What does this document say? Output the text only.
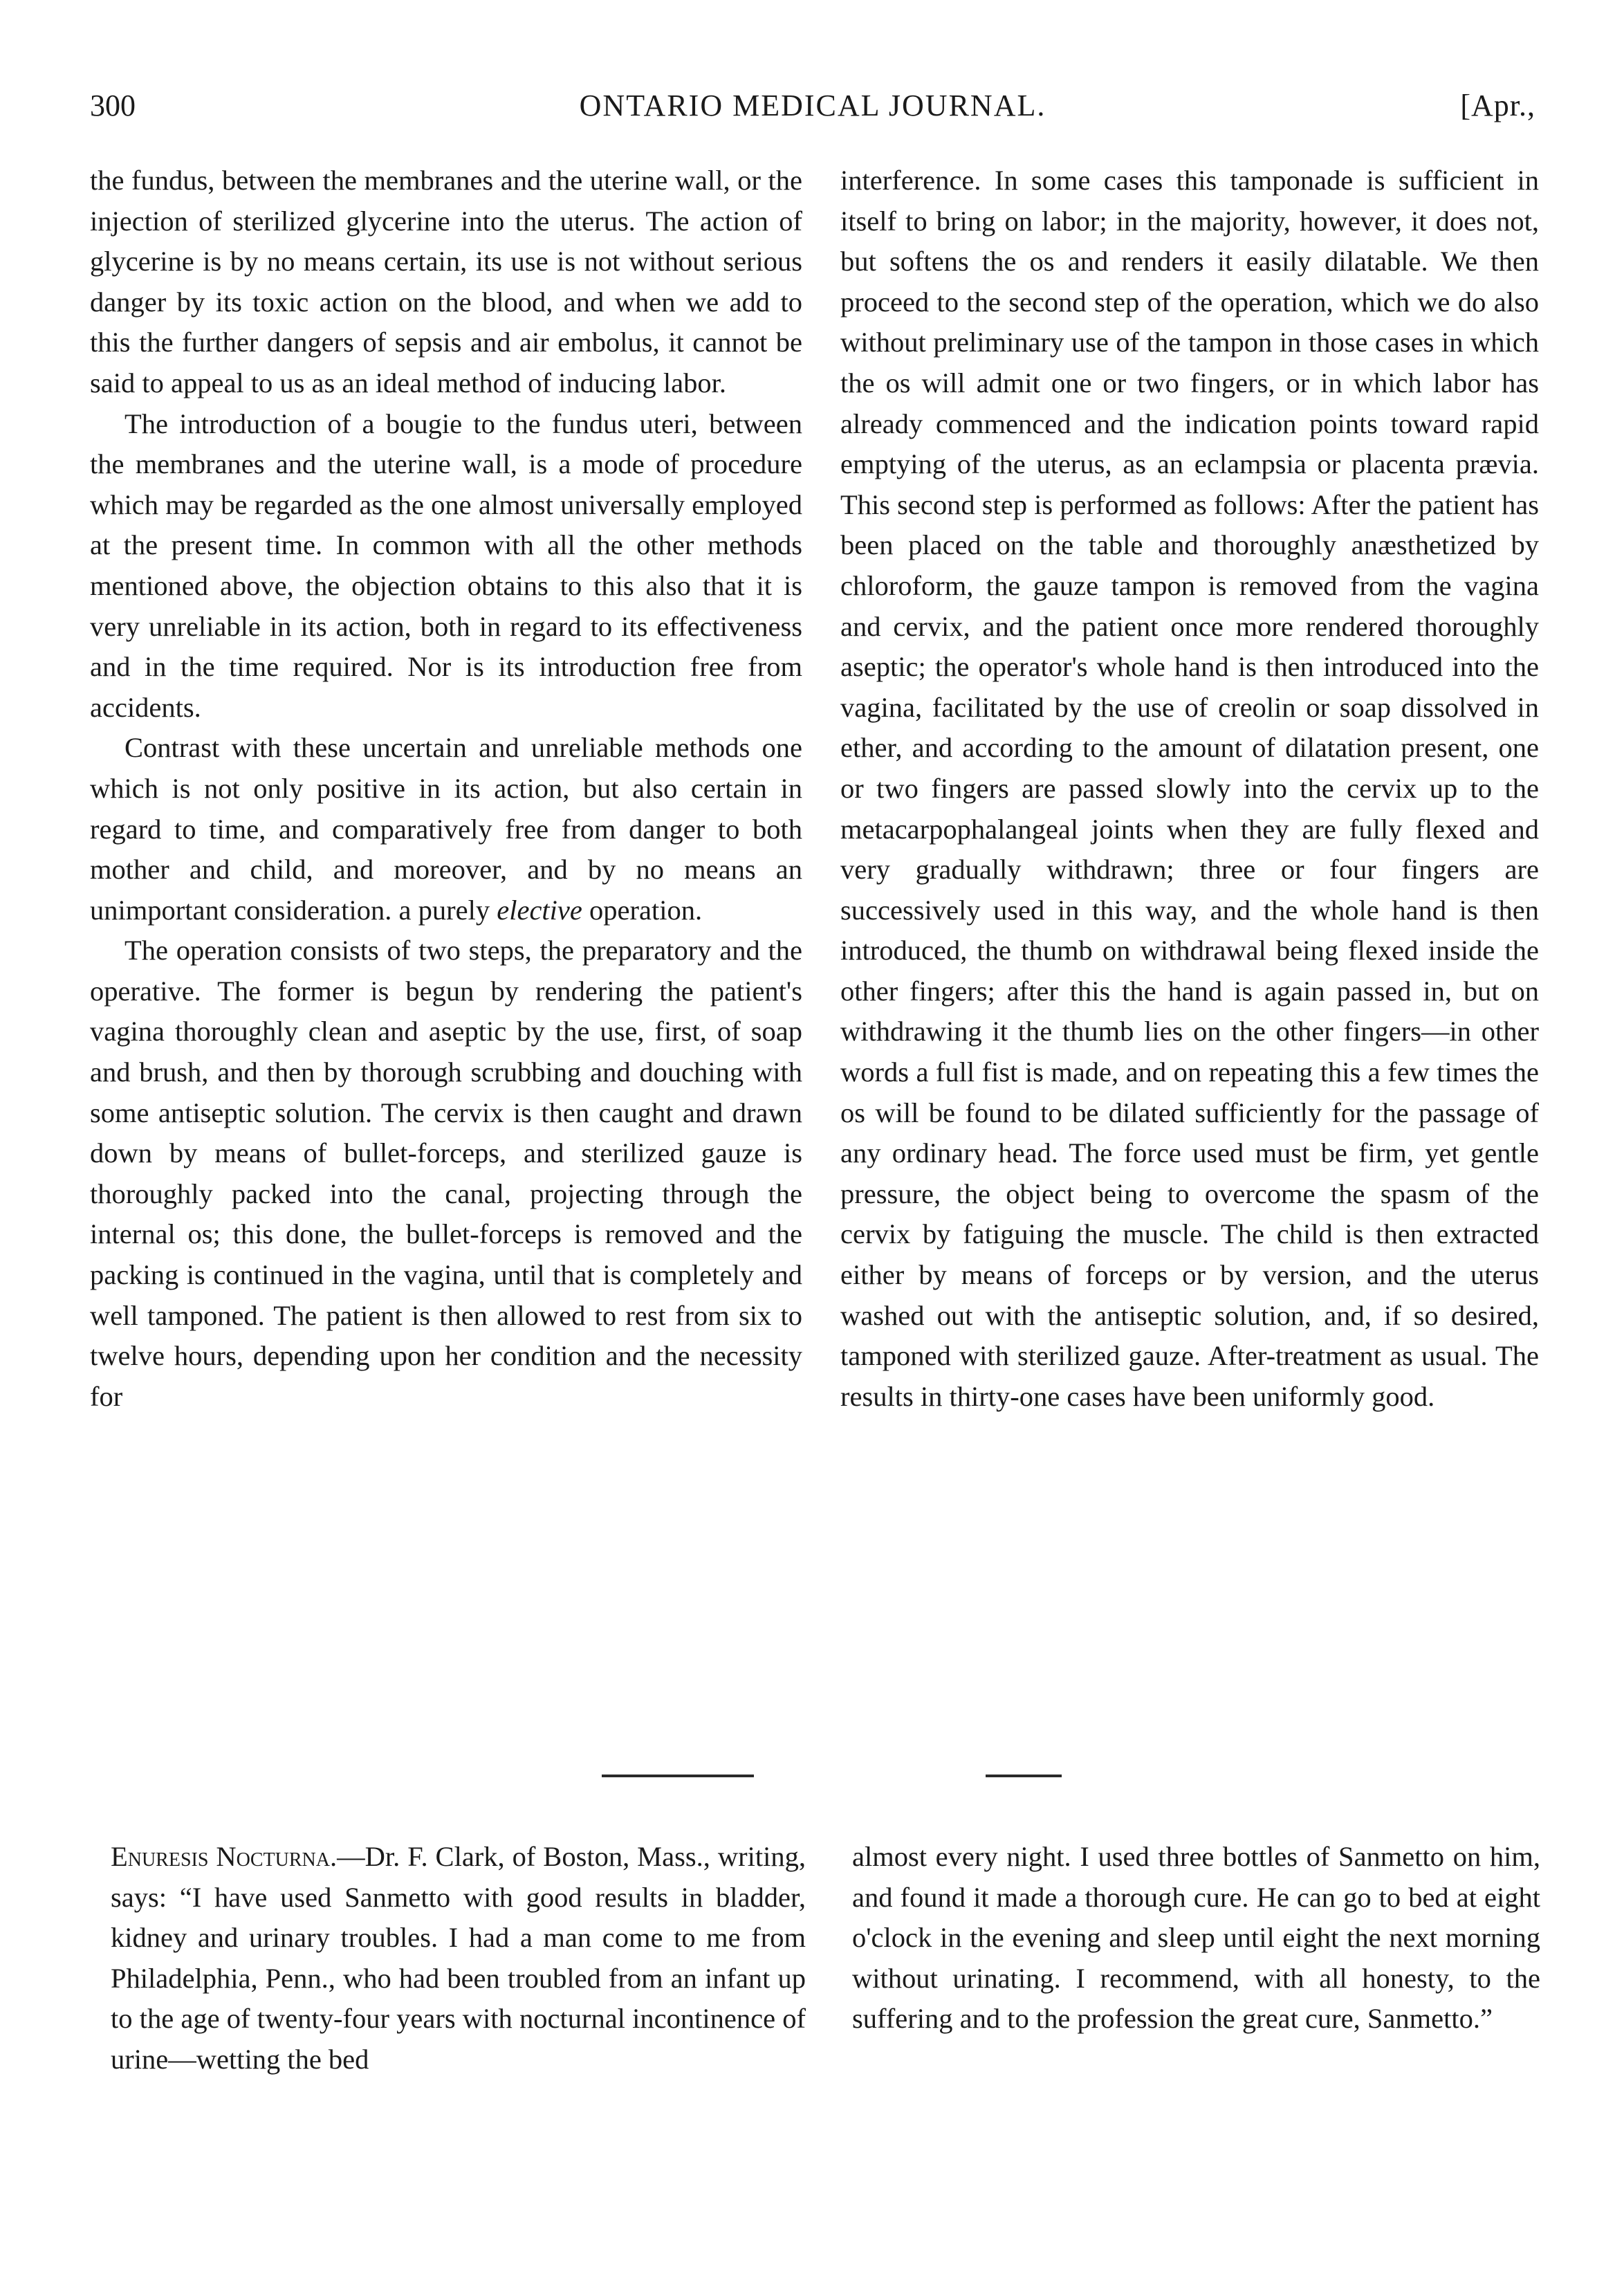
300	ONTARIO MEDICAL JOURNAL.	[Apr.,

the fundus, between the membranes and the uterine wall, or the injection of sterilized glycerine into the uterus. The action of glycerine is by no means certain, its use is not without serious danger by its toxic action on the blood, and when we add to this the further dangers of sepsis and air embolus, it cannot be said to appeal to us as an ideal method of inducing labor.

The introduction of a bougie to the fundus uteri, between the membranes and the uterine wall, is a mode of procedure which may be regarded as the one almost universally employed at the present time. In common with all the other methods mentioned above, the objection obtains to this also that it is very unreliable in its action, both in regard to its effectiveness and in the time required. Nor is its introduction free from accidents.

Contrast with these uncertain and unreliable methods one which is not only positive in its action, but also certain in regard to time, and comparatively free from danger to both mother and child, and moreover, and by no means an unimportant consideration. a purely elective operation.

The operation consists of two steps, the preparatory and the operative. The former is begun by rendering the patient's vagina thoroughly clean and aseptic by the use, first, of soap and brush, and then by thorough scrubbing and douching with some antiseptic solution. The cervix is then caught and drawn down by means of bullet-forceps, and sterilized gauze is thoroughly packed into the canal, projecting through the internal os; this done, the bullet-forceps is removed and the packing is continued in the vagina, until that is completely and well tamponed. The patient is then allowed to rest from six to twelve hours, depending upon her condition and the necessity for

interference. In some cases this tamponade is sufficient in itself to bring on labor; in the majority, however, it does not, but softens the os and renders it easily dilatable. We then proceed to the second step of the operation, which we do also without preliminary use of the tampon in those cases in which the os will admit one or two fingers, or in which labor has already commenced and the indication points toward rapid emptying of the uterus, as an eclampsia or placenta prævia. This second step is performed as follows: After the patient has been placed on the table and thoroughly anæsthetized by chloroform, the gauze tampon is removed from the vagina and cervix, and the patient once more rendered thoroughly aseptic; the operator's whole hand is then introduced into the vagina, facilitated by the use of creolin or soap dissolved in ether, and according to the amount of dilatation present, one or two fingers are passed slowly into the cervix up to the metacarpophalangeal joints when they are fully flexed and very gradually withdrawn; three or four fingers are successively used in this way, and the whole hand is then introduced, the thumb on withdrawal being flexed inside the other fingers; after this the hand is again passed in, but on withdrawing it the thumb lies on the other fingers—in other words a full fist is made, and on repeating this a few times the os will be found to be dilated sufficiently for the passage of any ordinary head. The force used must be firm, yet gentle pressure, the object being to overcome the spasm of the cervix by fatiguing the muscle. The child is then extracted either by means of forceps or by version, and the uterus washed out with the antiseptic solution, and, if so desired, tamponed with sterilized gauze. After-treatment as usual. The results in thirty-one cases have been uniformly good.

Enuresis Nocturna.—Dr. F. Clark, of Boston, Mass., writing, says: “I have used Sanmetto with good results in bladder, kidney and urinary troubles. I had a man come to me from Philadelphia, Penn., who had been troubled from an infant up to the age of twenty-four years with nocturnal incontinence of urine—wetting the bed

almost every night. I used three bottles of Sanmetto on him, and found it made a thorough cure. He can go to bed at eight o'clock in the evening and sleep until eight the next morning without urinating. I recommend, with all honesty, to the suffering and to the profession the great cure, Sanmetto.”
